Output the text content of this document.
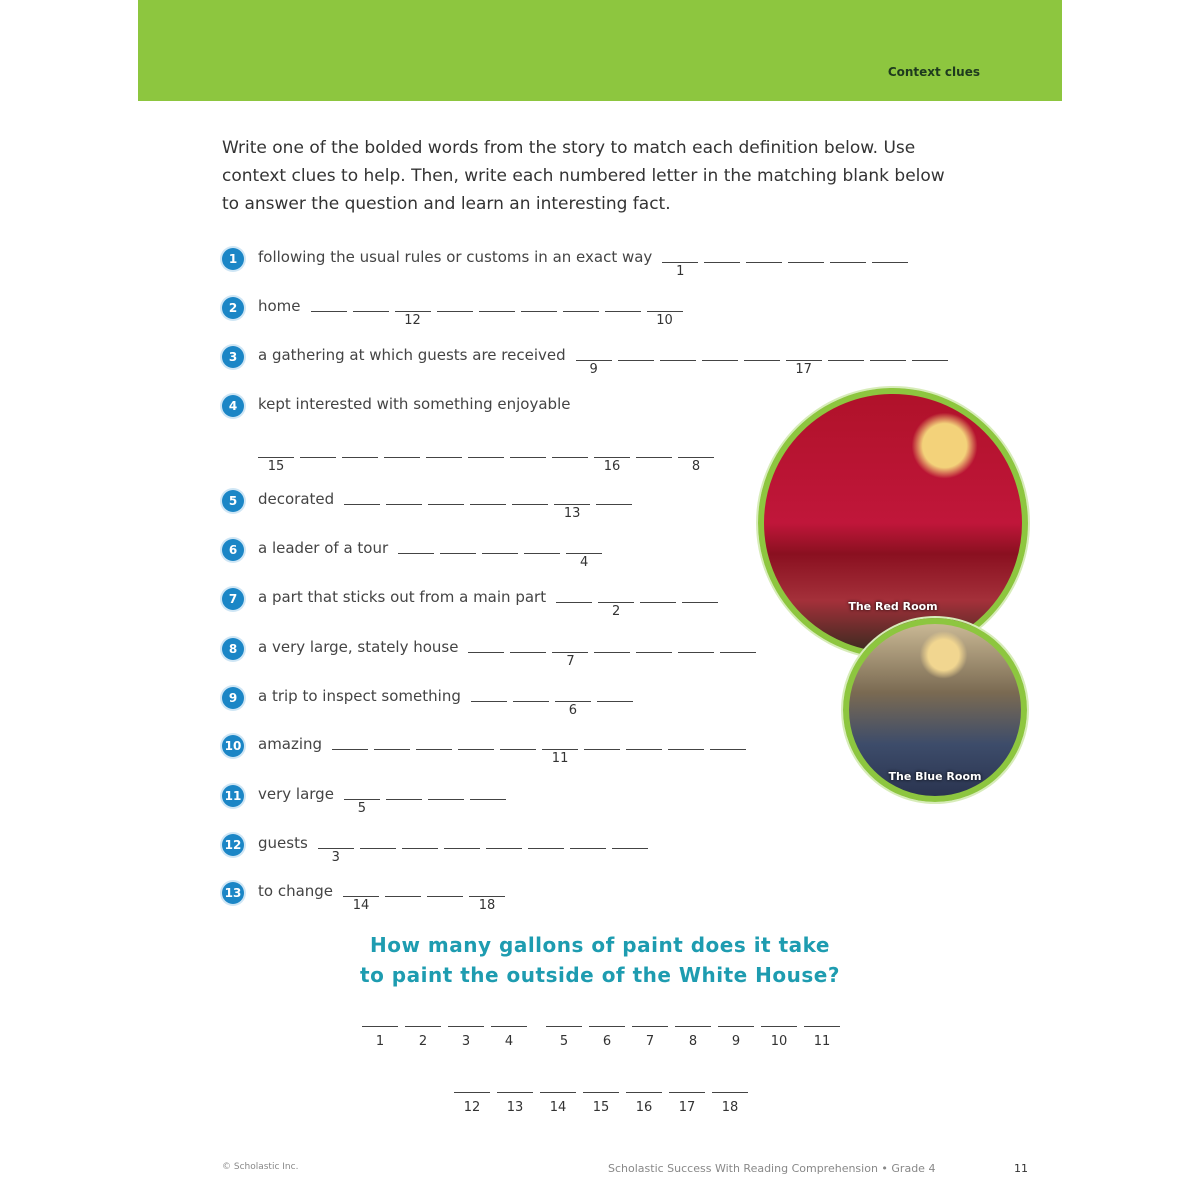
Context clues
Write one of the bolded words from the story to match each definition below. Use context clues to help. Then, write each numbered letter in the matching blank below to answer the question and learn an interesting fact.
1	following the usual rules or customs in an exact way
1
2	home
12	10
3	a gathering at which guests are received
9	17
4	kept interested with something enjoyable
15	16	8
5	decorated
13
6	a leader of a tour
4
7	a part that sticks out from a main part
2
8	a very large, stately house
7
9	a trip to inspect something
6
10 amazing
11
11 very large
5
12 guests
3
13 to change
14	18
The Red Room
The Blue Room
How many gallons of paint does it take
to paint the outside of the White House?
1	2	3	4	5	6	7	8	9	10	11
12	13	14	15	16	17	18
© Scholastic Inc.	Scholastic Success With Reading Comprehension • Grade 4	11
